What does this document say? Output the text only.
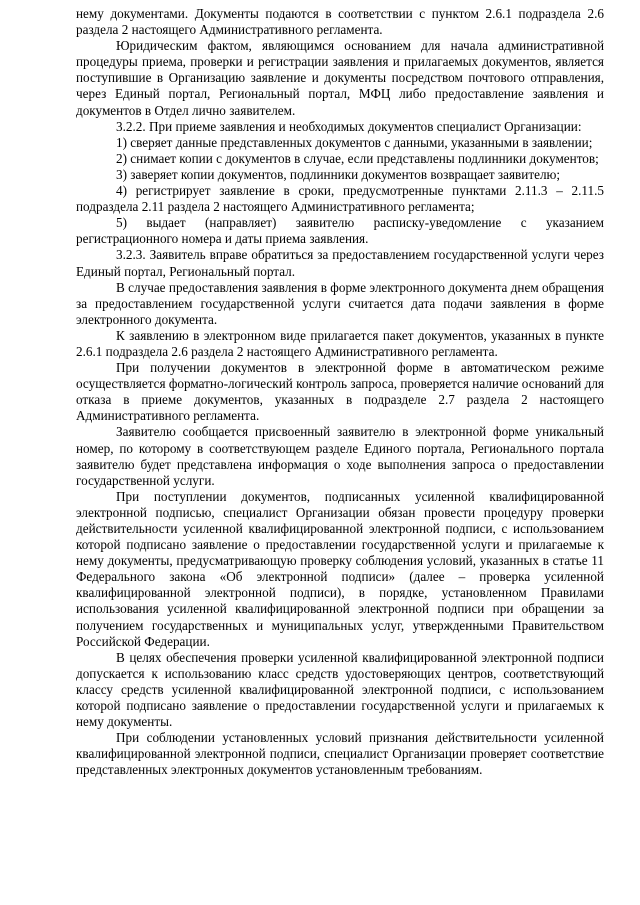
нему документами. Документы подаются в соответствии с пунктом 2.6.1 подраздела 2.6 раздела 2 настоящего Административного регламента.

Юридическим фактом, являющимся основанием для начала административной процедуры приема, проверки и регистрации заявления и прилагаемых документов, является поступившие в Организацию заявление и документы посредством почтового отправления, через Единый портал, Региональный портал, МФЦ либо предоставление заявления и документов в Отдел лично заявителем.

3.2.2. При приеме заявления и необходимых документов специалист Организации:

1) сверяет данные представленных документов с данными, указанными в заявлении;

2) снимает копии с документов в случае, если представлены подлинники документов;

3) заверяет копии документов, подлинники документов возвращает заявителю;

4) регистрирует заявление в сроки, предусмотренные пунктами 2.11.3 – 2.11.5 подраздела 2.11 раздела 2 настоящего Административного регламента;

5) выдает (направляет) заявителю расписку-уведомление с указанием регистрационного номера и даты приема заявления.

3.2.3. Заявитель вправе обратиться за предоставлением государственной услуги через Единый портал, Региональный портал.

В случае предоставления заявления в форме электронного документа днем обращения за предоставлением государственной услуги считается дата подачи заявления в форме электронного документа.

К заявлению в электронном виде прилагается пакет документов, указанных в пункте 2.6.1 подраздела 2.6 раздела 2 настоящего Административного регламента.

При получении документов в электронной форме в автоматическом режиме осуществляется форматно-логический контроль запроса, проверяется наличие оснований для отказа в приеме документов, указанных в подразделе 2.7 раздела 2 настоящего Административного регламента.

Заявителю сообщается присвоенный заявителю в электронной форме уникальный номер, по которому в соответствующем разделе Единого портала, Регионального портала заявителю будет представлена информация о ходе выполнения запроса о предоставлении государственной услуги.

При поступлении документов, подписанных усиленной квалифицированной электронной подписью, специалист Организации обязан провести процедуру проверки действительности усиленной квалифицированной электронной подписи, с использованием которой подписано заявление о предоставлении государственной услуги и прилагаемые к нему документы, предусматривающую проверку соблюдения условий, указанных в статье 11 Федерального закона «Об электронной подписи» (далее – проверка усиленной квалифицированной электронной подписи), в порядке, установленном Правилами использования усиленной квалифицированной электронной подписи при обращении за получением государственных и муниципальных услуг, утвержденными Правительством Российской Федерации.

В целях обеспечения проверки усиленной квалифицированной электронной подписи допускается к использованию класс средств удостоверяющих центров, соответствующий классу средств усиленной квалифицированной электронной подписи, с использованием которой подписано заявление о предоставлении государственной услуги и прилагаемых к нему документы.

При соблюдении установленных условий признания действительности усиленной квалифицированной электронной подписи, специалист Организации проверяет соответствие представленных электронных документов установленным требованиям.
